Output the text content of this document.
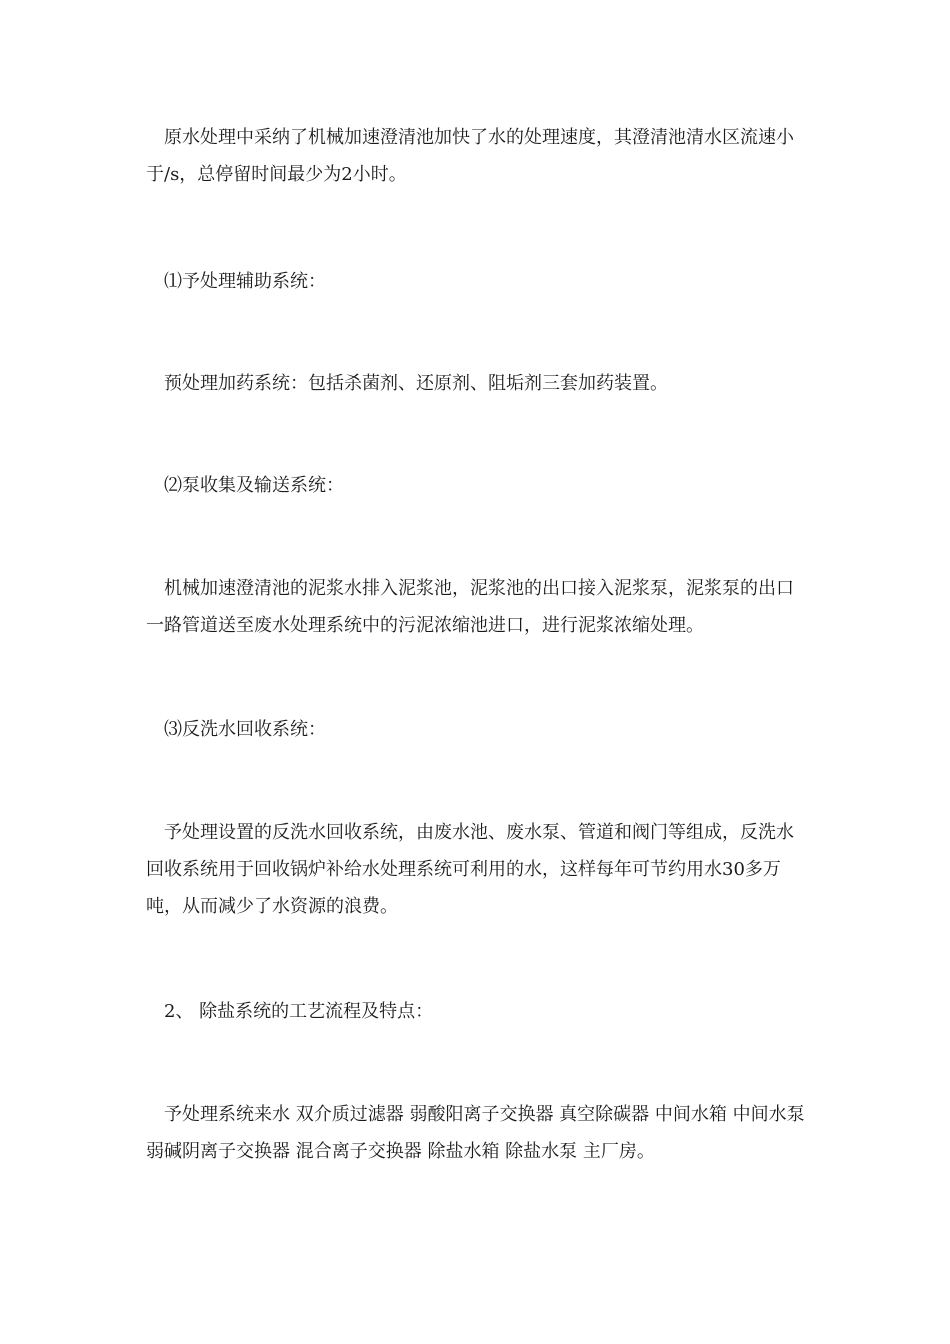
原水处理中采纳了机械加速澄清池加快了水的处理速度，其澄清池清水区流速小于/s，总停留时间最少为2小时。

⑴予处理辅助系统：

预处理加药系统：包括杀菌剂、还原剂、阻垢剂三套加药装置。

⑵泵收集及输送系统：

机械加速澄清池的泥浆水排入泥浆池，泥浆池的出口接入泥浆泵，泥浆泵的出口一路管道送至废水处理系统中的污泥浓缩池进口，进行泥浆浓缩处理。

⑶反洗水回收系统：

予处理设置的反洗水回收系统，由废水池、废水泵、管道和阀门等组成，反洗水回收系统用于回收锅炉补给水处理系统可利用的水，这样每年可节约用水30多万吨，从而减少了水资源的浪费。

2、 除盐系统的工艺流程及特点：

予处理系统来水 双介质过滤器 弱酸阳离子交换器 真空除碳器 中间水箱 中间水泵 弱碱阴离子交换器 混合离子交换器 除盐水箱 除盐水泵 主厂房。
